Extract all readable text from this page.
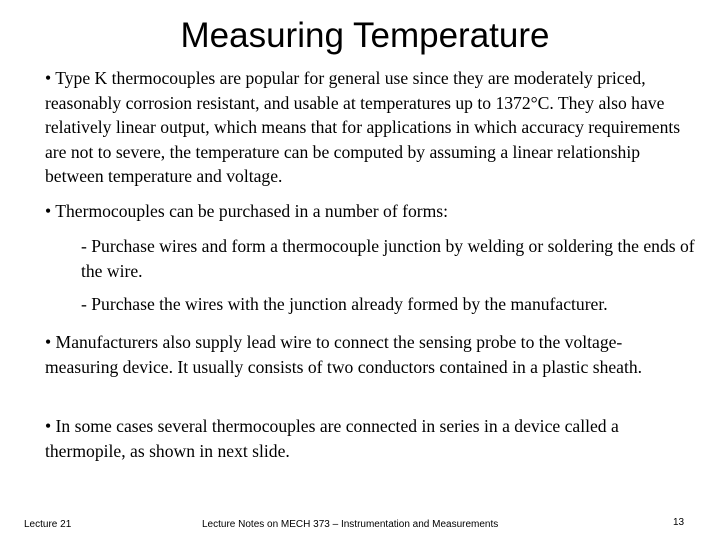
Measuring Temperature

• Type K thermocouples are popular for general use since they are moderately priced, reasonably corrosion resistant, and usable at temperatures up to 1372°C. They also have relatively linear output, which means that for applications in which accuracy requirements are not to severe, the temperature can be computed by assuming a linear relationship between temperature and voltage.

• Thermocouples can be purchased in a number of forms:

- Purchase wires and form a thermocouple junction by welding or soldering the ends of the wire.

- Purchase the wires with the junction already formed by the manufacturer.

• Manufacturers also supply lead wire to connect the sensing probe to the voltage-measuring device. It usually consists of two conductors contained in a plastic sheath.

• In some cases several thermocouples are connected in series in a device called a thermopile, as shown in next slide.

Lecture 21	Lecture Notes on MECH 373 – Instrumentation and Measurements	13
